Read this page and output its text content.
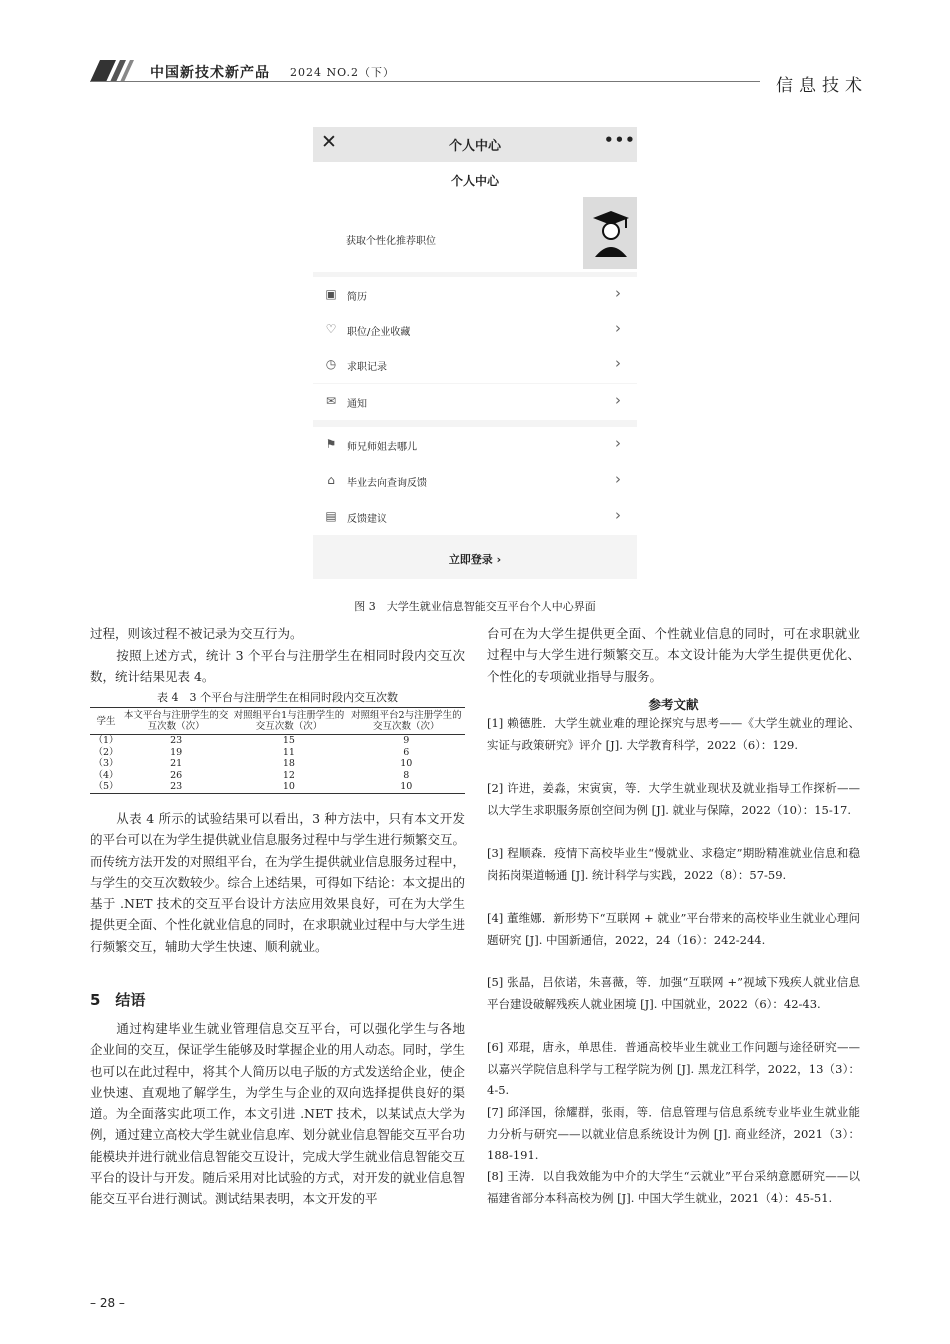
中国新技术新产品 2024 NO.2（下）
信息技术
✕	个人中心	•••
个人中心
获取个性化推荐职位
▣ 简历	›
♡ 职位/企业收藏	›
◷ 求职记录	›
✉ 通知	›
⚑ 师兄师姐去哪儿	›
⌂	毕业去向查询反馈	›
▤ 反馈建议	›
立即登录 ›
图 3　大学生就业信息智能交互平台个人中心界面
过程，则该过程不被记录为交互行为。
按照上述方式，统计 3 个平台与注册学生在相同时段内交互次数，统计结果见表 4。
表 4　3 个平台与注册学生在相同时段内交互次数
学生	本文平台与注册学生的交互次数（次）	对照组平台1与注册学生的交互次数（次）	对照组平台2与注册学生的交互次数（次）
（1）	23	15	9
（2）	19	11	6
（3）	21	18	10
（4）	26	12	8
（5）	23	10	10
从表 4 所示的试验结果可以看出，3 种方法中，只有本文开发的平台可以在为学生提供就业信息服务过程中与学生进行频繁交互。而传统方法开发的对照组平台，在为学生提供就业信息服务过程中，与学生的交互次数较少。综合上述结果，可得如下结论：本文提出的基于 .NET 技术的交互平台设计方法应用效果良好，可在为大学生提供更全面、个性化就业信息的同时，在求职就业过程中与大学生进行频繁交互，辅助大学生快速、顺利就业。
5　结语
通过构建毕业生就业管理信息交互平台，可以强化学生与各地企业间的交互，保证学生能够及时掌握企业的用人动态。同时，学生也可以在此过程中，将其个人简历以电子版的方式发送给企业，使企业快速、直观地了解学生，为学生与企业的双向选择提供良好的渠道。为全面落实此项工作，本文引进 .NET 技术，以某试点大学为例，通过建立高校大学生就业信息库、划分就业信息智能交互平台功能模块并进行就业信息智能交互设计，完成大学生就业信息智能交互平台的设计与开发。随后采用对比试验的方式，对开发的就业信息智能交互平台进行测试。测试结果表明，本文开发的平
台可在为大学生提供更全面、个性就业信息的同时，可在求职就业过程中与大学生进行频繁交互。本文设计能为大学生提供更优化、个性化的专项就业指导与服务。
参考文献
[1] 赖德胜．大学生就业难的理论探究与思考——《大学生就业的理论、实证与政策研究》评介 [J]. 大学教育科学，2022（6）：129.
[2] 许进，姜淼，宋寅寅，等．大学生就业现状及就业指导工作探析——以大学生求职服务原创空间为例 [J]. 就业与保障，2022（10）：15-17.
[3] 程顺森．疫情下高校毕业生“慢就业、求稳定”期盼精准就业信息和稳岗拓岗渠道畅通 [J]. 统计科学与实践，2022（8）：57-59.
[4] 董维娜．新形势下“互联网 + 就业”平台带来的高校毕业生就业心理问题研究 [J]. 中国新通信，2022，24（16）：242-244.
[5] 张晶，吕依诺，朱喜薇，等．加强“互联网 +”视域下残疾人就业信息平台建设破解残疾人就业困境 [J]. 中国就业，2022（6）：42-43.
[6] 邓琨，唐永，单思佳．普通高校毕业生就业工作问题与途径研究——以嘉兴学院信息科学与工程学院为例 [J]. 黑龙江科学，2022，13（3）：4-5.
[7] 邱泽国，徐耀群，张雨，等．信息管理与信息系统专业毕业生就业能力分析与研究——以就业信息系统设计为例 [J]. 商业经济，2021（3）：188-191.
[8] 王涛．以自我效能为中介的大学生“云就业”平台采纳意愿研究——以福建省部分本科高校为例 [J]. 中国大学生就业，2021（4）：45-51.
– 28 –
